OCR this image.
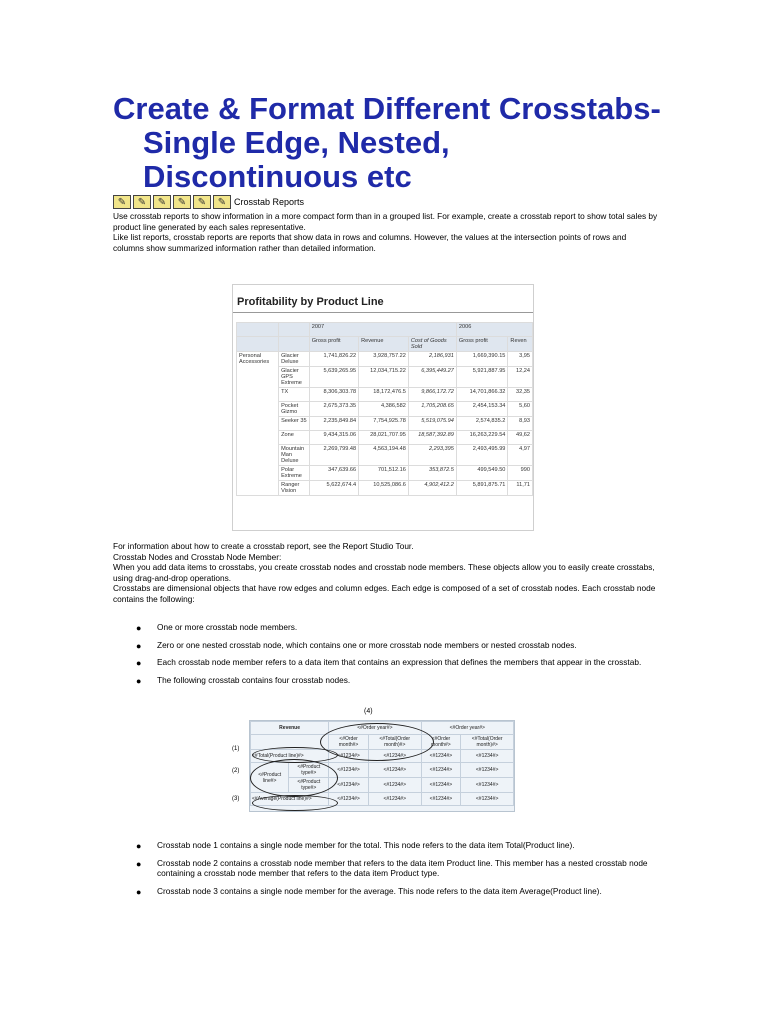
Create & Format Different Crosstabs-
Single Edge, Nested,
Discontinuous etc
✎	✎	✎	✎	✎	✎ Crosstab Reports

Use crosstab reports to show information in a more compact form than in a grouped list. For example, create a crosstab report to show total sales by product line generated by each sales representative.

Like list reports, crosstab reports are reports that show data in rows and columns. However, the values at the intersection points of rows and columns show summarized information rather than detailed information.

Profitability by Product Line
		2007			2006	
		Gross profit	Revenue	Cost of Goods Sold	Gross profit	Reven
Personal Accessories	Glacier Deluxe	1,741,826.22	3,928,757.22	2,186,931	1,669,390.15	3,95
	Glacier GPS Extreme	5,639,265.95	12,034,715.22	6,395,449.27	5,921,887.95	12,24
	TX	8,306,303.78	18,172,476.5	9,866,172.72	14,701,866.32	32,35
	Pocket Gizmo	2,675,373.35	4,386,582	1,705,208.65	2,454,153.34	5,60
	Seeker 35	2,235,849.84	7,754,925.78	5,519,075.94	2,574,835.2	8,93
	Zone	9,434,315.06	28,021,707.95	18,587,392.89	16,263,229.54	49,62
	Mountain Man Deluxe	2,269,799.48	4,563,194.48	2,293,395	2,493,495.99	4,97
	Polar Extreme	347,639.66	701,512.16	353,872.5	499,549.50	990
	Ranger Vision	5,622,674.4	10,525,086.6	4,902,412.2	5,891,875.71	11,71

For information about how to create a crosstab report, see the Report Studio Tour.

Crosstab Nodes and Crosstab Node Member:

When you add data items to crosstabs, you create crosstab nodes and crosstab node members. These objects allow you to easily create crosstabs, using drag-and-drop operations.

Crosstabs are dimensional objects that have row edges and column edges. Each edge is composed of a set of crosstab nodes. Each crosstab node contains the following:

● One or more crosstab node members.
● Zero or one nested crosstab node, which contains one or more crosstab node members or nested crosstab nodes.
● Each crosstab node member refers to a data item that contains an expression that defines the members that appear in the crosstab.
● The following crosstab contains four crosstab nodes.
(4)
(1)
(2)
(3)
Revenue		<#Order year#>		<#Order year#>	
		<#Order month#>	<#Total(Order month)#>	<#Order month#>	<#Total(Order month)#>
<#Total(Product line)#>		<#1234#>	<#1234#>	<#1234#>	<#1234#>
<#Product line#>	<#Product type#>	<#1234#>	<#1234#>	<#1234#>	<#1234#>
	<#Product type#>	<#1234#>	<#1234#>	<#1234#>	<#1234#>
<#Average(Product line)#>		<#1234#>	<#1234#>	<#1234#>	<#1234#>
● Crosstab node 1 contains a single node member for the total. This node refers to the data item Total(Product line).
● Crosstab node 2 contains a crosstab node member that refers to the data item Product line. This member has a nested crosstab node containing a crosstab node member that refers to the data item Product type.
● Crosstab node 3 contains a single node member for the average. This node refers to the data item Average(Product line).
